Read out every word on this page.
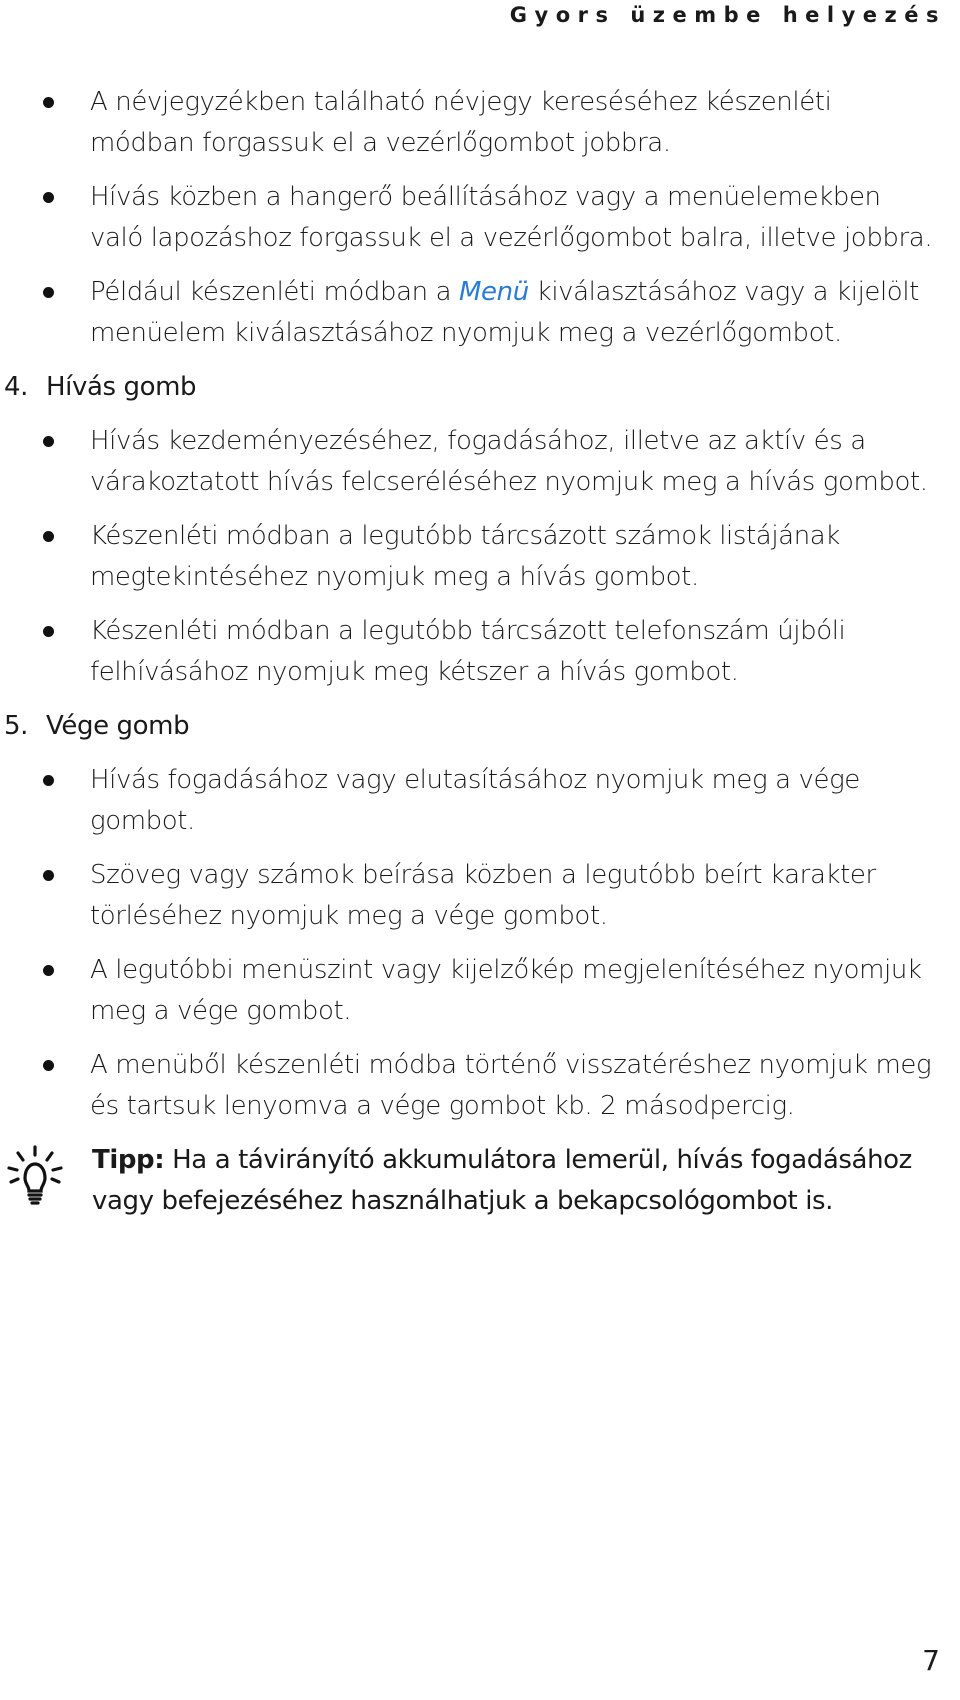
Gyors üzembe helyezés
A névjegyzékben található névjegy kereséséhez készenléti módban forgassuk el a vezérlőgombot jobbra.
Hívás közben a hangerő beállításához vagy a menüelemekben való lapozáshoz forgassuk el a vezérlőgombot balra, illetve jobbra.
Például készenléti módban a Menü kiválasztásához vagy a kijelölt menüelem kiválasztásához nyomjuk meg a vezérlőgombot.
4. Hívás gomb
Hívás kezdeményezéséhez, fogadásához, illetve az aktív és a várakoztatott hívás felcseréléséhez nyomjuk meg a hívás gombot.
Készenléti módban a legutóbb tárcsázott számok listájának megtekintéséhez nyomjuk meg a hívás gombot.
Készenléti módban a legutóbb tárcsázott telefonszám újbóli felhívásához nyomjuk meg kétszer a hívás gombot.
5. Vége gomb
Hívás fogadásához vagy elutasításához nyomjuk meg a vége gombot.
Szöveg vagy számok beírása közben a legutóbb beírt karakter törléséhez nyomjuk meg a vége gombot.
A legutóbbi menüszint vagy kijelzőkép megjelenítéséhez nyomjuk meg a vége gombot.
A menüből készenléti módba történő visszatéréshez nyomjuk meg és tartsuk lenyomva a vége gombot kb. 2 másodpercig.
Tipp: Ha a távirányító akkumulátora lemerül, hívás fogadásához vagy befejezéséhez használhatjuk a bekapcsológombot is.
7
